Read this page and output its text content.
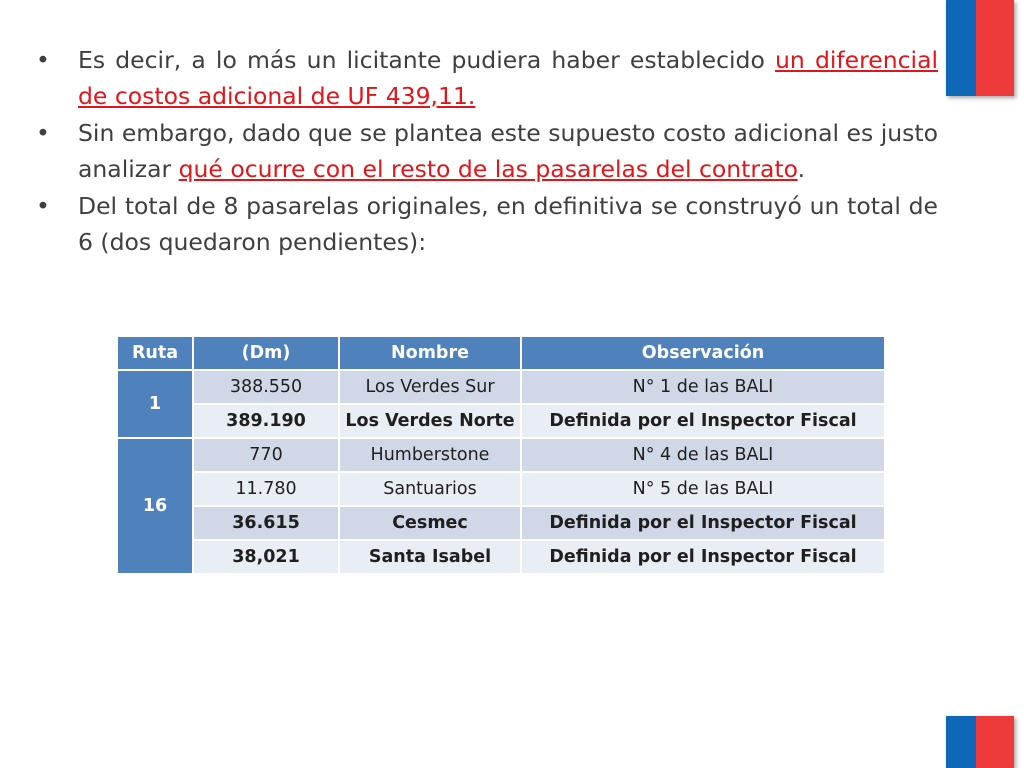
• Es decir, a lo más un licitante pudiera haber establecido un diferencial de costos adicional de UF 439,11.
• Sin embargo, dado que se plantea este supuesto costo adicional es justo analizar qué ocurre con el resto de las pasarelas del contrato.
• Del total de 8 pasarelas originales, en definitiva se construyó un total de 6 (dos quedaron pendientes):
Ruta	(Dm)	Nombre	Observación
1	388.550	Los Verdes Sur	N° 1 de las BALI
	389.190	Los Verdes Norte	Definida por el Inspector Fiscal
16	770	Humberstone	N° 4 de las BALI
	11.780	Santuarios	N° 5 de las BALI
	36.615	Cesmec	Definida por el Inspector Fiscal
	38,021	Santa Isabel	Definida por el Inspector Fiscal
